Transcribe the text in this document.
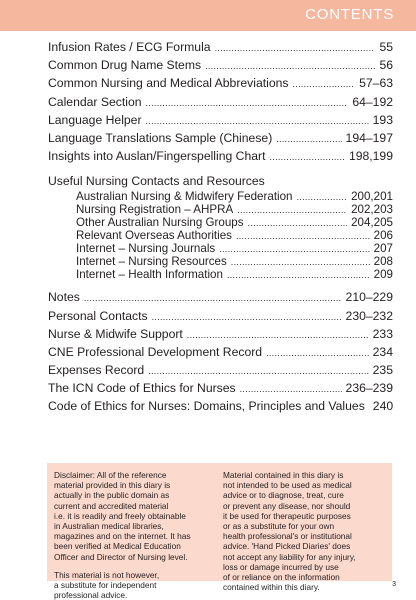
CONTENTS
Infusion Rates / ECG Formula .....	55
Common Drug Name Stems .....	56
Common Nursing and Medical Abbreviations .....	57–63
Calendar Section .....	64–192
Language Helper .....	193
Language Translations Sample (Chinese) .....	194–197
Insights into Auslan/Fingerspelling Chart .....	198,199
Useful Nursing Contacts and Resources
Australian Nursing & Midwifery Federation .....	200,201
Nursing Registration – AHPRA .....	202,203
Other Australian Nursing Groups .....	204,205
Relevant Overseas Authorities .....	206
Internet – Nursing Journals .....	207
Internet – Nursing Resources .....	208
Internet – Health Information .....	209
Notes .....	210–229
Personal Contacts .....	230–232
Nurse & Midwife Support .....	233
CNE Professional Development Record .....	234
Expenses Record .....	235
The ICN Code of Ethics for Nurses .....	236–239
Code of Ethics for Nurses: Domains, Principles and Values 240

Disclaimer: All of the reference
material provided in this diary is
actually in the public domain as
current and accredited material
i.e. it is readily and freely obtainable
in Australian medical libraries,
magazines and on the internet. It has
been verified at Medical Education
Officer and Director of Nursing level.

This material is not however,
a substitute for independent
professional advice.

Material contained in this diary is
not intended to be used as medical
advice or to diagnose, treat, cure
or prevent any disease, nor should
it be used for therapeutic purposes
or as a substitute for your own
health professional's or institutional
advice. 'Hand Picked Diaries' does
not accept any liability for any injury,
loss or damage incurred by use
of or reliance on the information
contained within this diary.	3
